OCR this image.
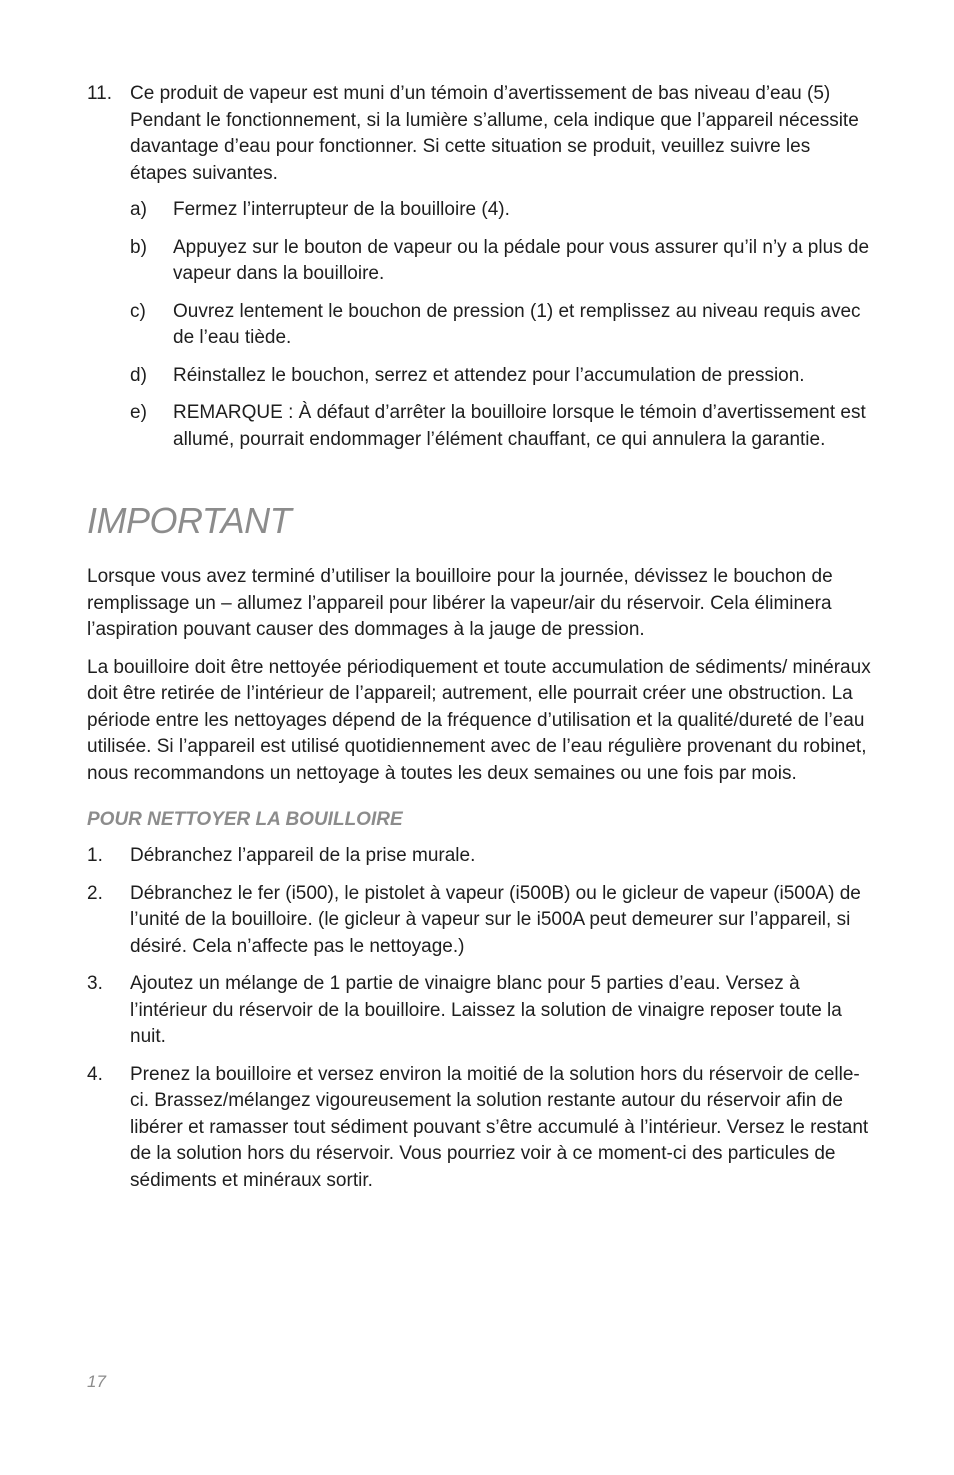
11. Ce produit de vapeur est muni d’un témoin d’avertissement de bas niveau d’eau (5) Pendant le fonctionnement, si la lumière s’allume, cela indique que l’appareil nécessite davantage d’eau pour fonctionner. Si cette situation se produit, veuillez suivre les étapes suivantes.

a)	Fermez l’interrupteur de la bouilloire (4).
b)	Appuyez sur le bouton de vapeur ou la pédale pour vous assurer qu’il n’y a plus de vapeur dans la bouilloire.
c)	Ouvrez lentement le bouchon de pression (1) et remplissez au niveau requis avec de l’eau tiède.
d)	Réinstallez le bouchon, serrez et attendez pour l’accumulation de pression.
e)	REMARQUE : À défaut d’arrêter la bouilloire lorsque le témoin d’avertissement est allumé, pourrait endommager l’élément chauffant, ce qui annulera la garantie.
IMPORTANT

Lorsque vous avez terminé d’utiliser la bouilloire pour la journée, dévissez le bouchon de remplissage un – allumez l’appareil pour libérer la vapeur/air du réservoir. Cela éliminera l’aspiration pouvant causer des dommages à la jauge de pression.

La bouilloire doit être nettoyée périodiquement et toute accumulation de sédiments/ minéraux doit être retirée de l’intérieur de l’appareil; autrement, elle pourrait créer une obstruction. La période entre les nettoyages dépend de la fréquence d’utilisation et la qualité/dureté de l’eau utilisée. Si l’appareil est utilisé quotidiennement avec de l’eau régulière provenant du robinet, nous recommandons un nettoyage à toutes les deux semaines ou une fois par mois.

POUR NETTOYER LA BOUILLOIRE
1.	Débranchez l’appareil de la prise murale.
2.	Débranchez le fer (i500), le pistolet à vapeur (i500B) ou le gicleur de vapeur (i500A) de l’unité de la bouilloire. (le gicleur à vapeur sur le i500A peut demeurer sur l’appareil, si désiré. Cela n’affecte pas le nettoyage.)
3.	Ajoutez un mélange de 1 partie de vinaigre blanc pour 5 parties d’eau. Versez à l’intérieur du réservoir de la bouilloire. Laissez la solution de vinaigre reposer toute la nuit.
4.	Prenez la bouilloire et versez environ la moitié de la solution hors du réservoir de celle-ci. Brassez/mélangez vigoureusement la solution restante autour du réservoir afin de libérer et ramasser tout sédiment pouvant s’être accumulé à l’intérieur. Versez le restant de la solution hors du réservoir. Vous pourriez voir à ce moment-ci des particules de sédiments et minéraux sortir.
17
